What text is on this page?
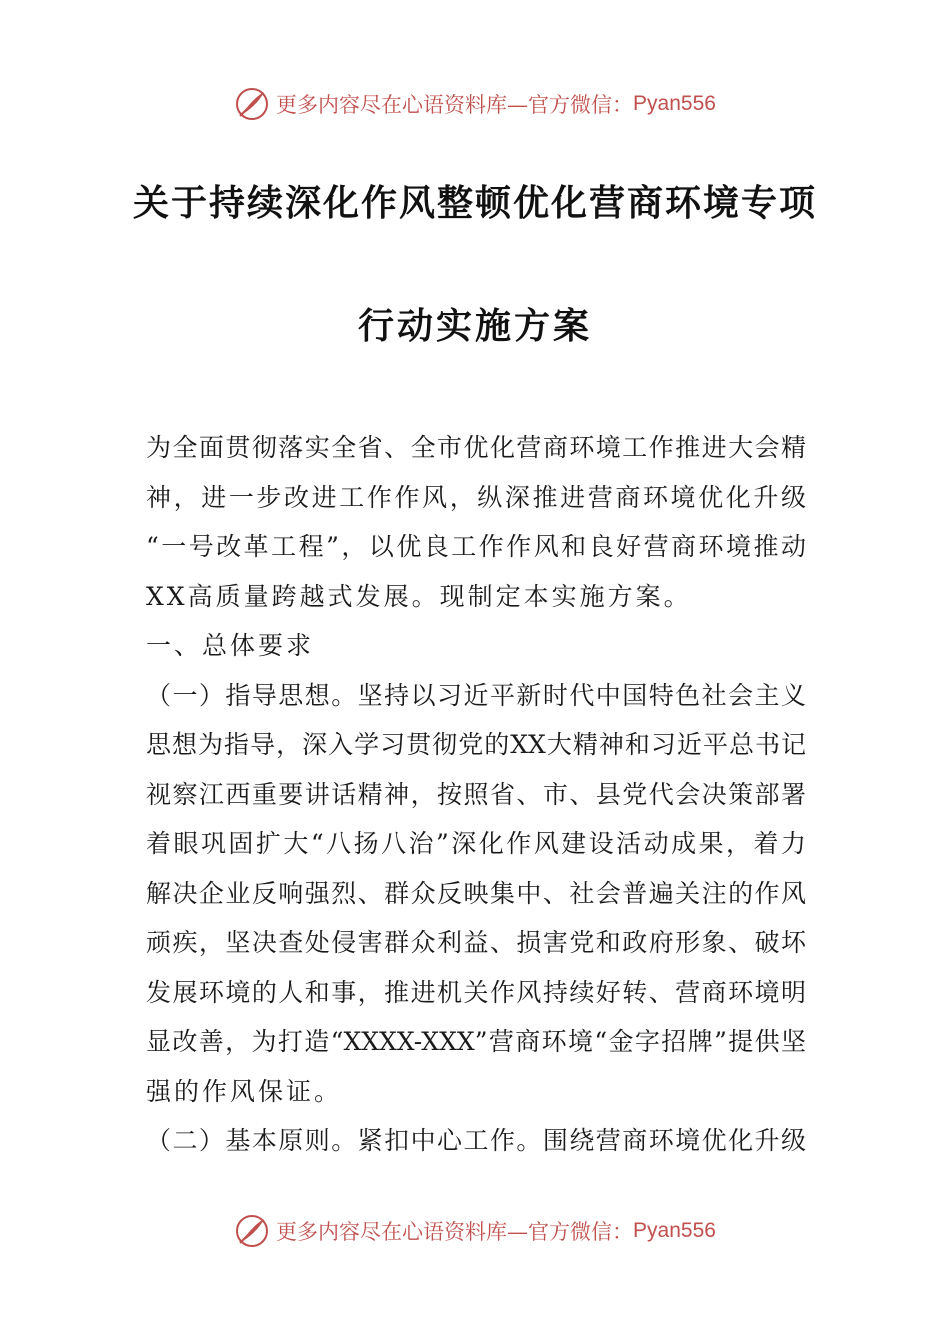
更多内容尽在心语资料库—官方微信： Pyan556
关于持续深化作风整顿优化营商环境专项
行动实施方案
为全面贯彻落实全省、全市优化营商环境工作推进大会精
神，进一步改进工作作风，纵深推进营商环境优化升级
“一号改革工程”，以优良工作作风和良好营商环境推动
XX高质量跨越式发展。现制定本实施方案。
一、总体要求
（一）指导思想。坚持以习近平新时代中国特色社会主义
思想为指导，深入学习贯彻党的XX大精神和习近平总书记
视察江西重要讲话精神，按照省、市、县党代会决策部署
着眼巩固扩大“八扬八治”深化作风建设活动成果，着力
解决企业反响强烈、群众反映集中、社会普遍关注的作风
顽疾，坚决查处侵害群众利益、损害党和政府形象、破坏
发展环境的人和事，推进机关作风持续好转、营商环境明
显改善，为打造“XXXX-XXX”营商环境“金字招牌”提供坚
强的作风保证。
（二）基本原则。紧扣中心工作。围绕营商环境优化升级
更多内容尽在心语资料库—官方微信： Pyan556
